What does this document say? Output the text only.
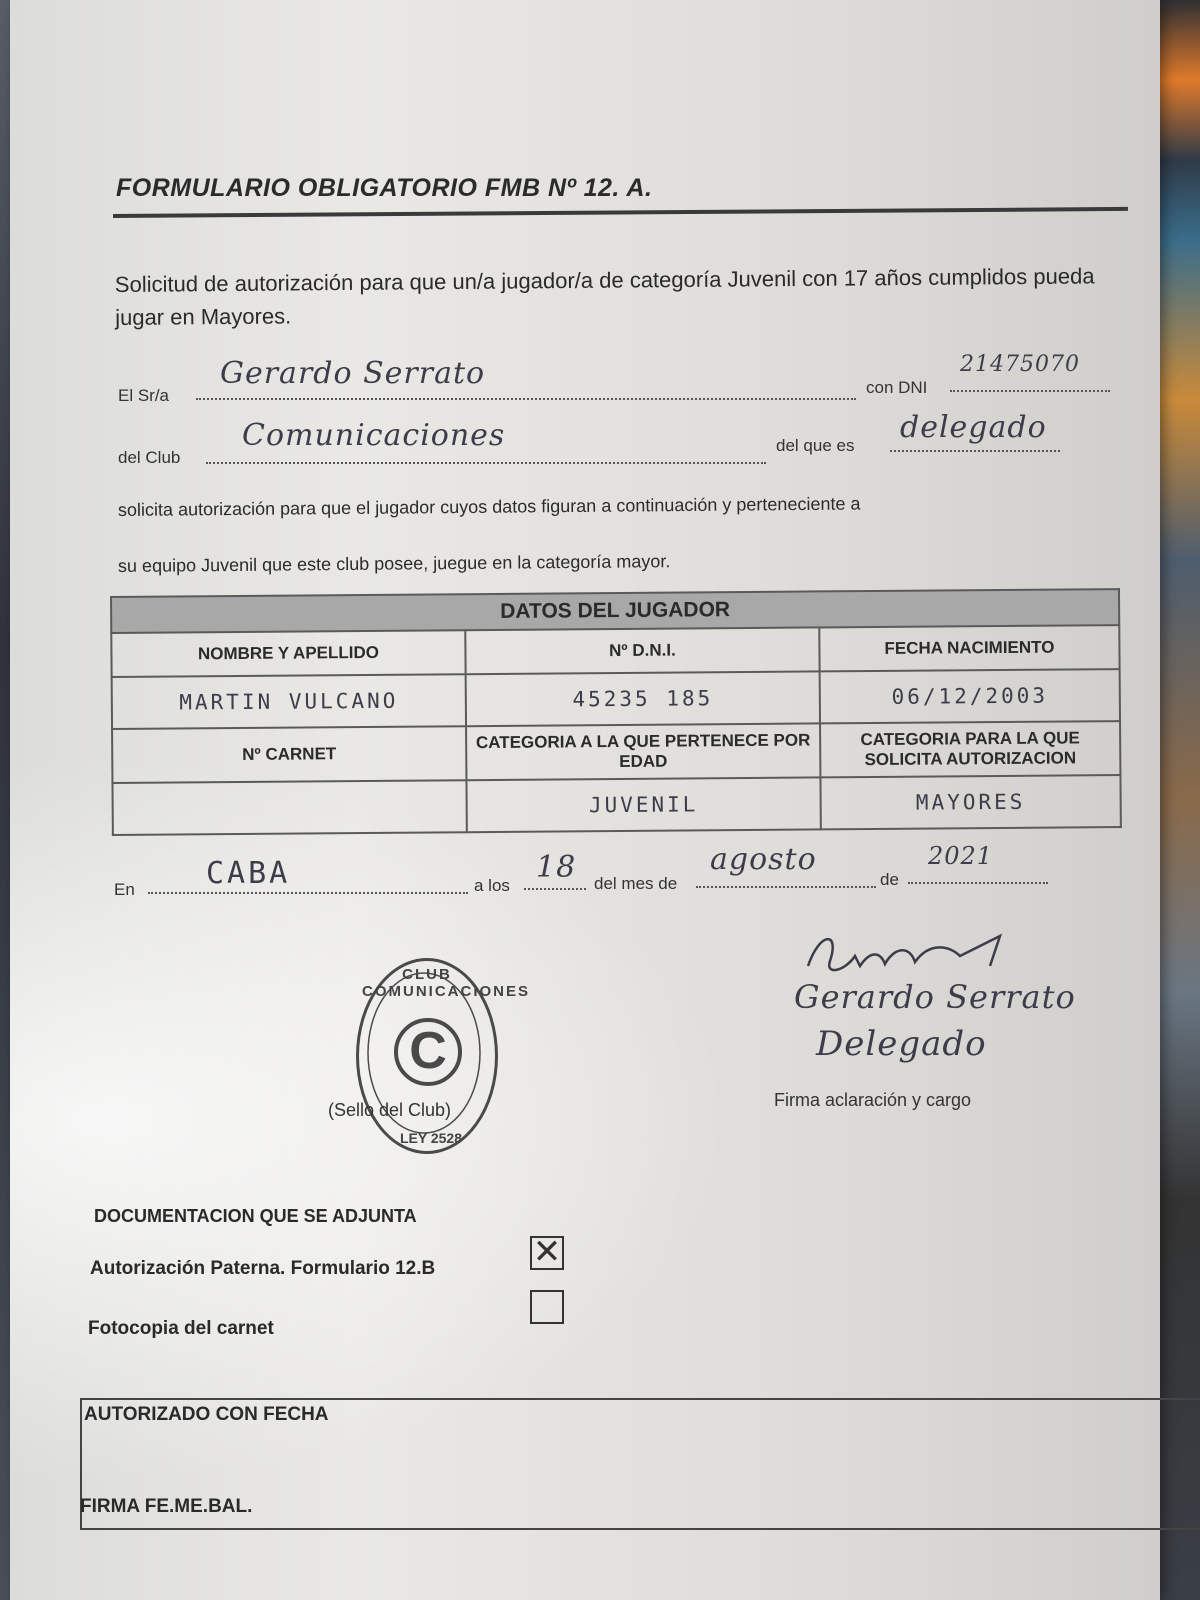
FORMULARIO OBLIGATORIO FMB Nº 12. A.
Solicitud de autorización para que un/a jugador/a de categoría Juvenil con 17 años cumplidos pueda jugar en Mayores.
El Sr/a
Gerardo Serrato	con DNI
21475070
del Club
Comunicaciones	del que es
delegado
solicita autorización para que el jugador cuyos datos figuran a continuación y perteneciente a
su equipo Juvenil que este club posee, juegue en la categoría mayor.
DATOS DEL JUGADOR		
NOMBRE Y APELLIDO	Nº D.N.I.	FECHA NACIMIENTO
MARTIN VULCANO	45235 185	06/12/2003
Nº CARNET	CATEGORIA A LA QUE PERTENECE POR EDAD	CATEGORIA PARA LA QUE SOLICITA AUTORIZACION
	JUVENIL	MAYORES
En CABA	a los
18 del mes de
agosto
de
2021
CLUB COMUNICACIONES
C
LEY 2528
(Sello del Club)
Gerardo Serrato
Delegado
Firma aclaración y cargo
DOCUMENTACION QUE SE ADJUNTA
Autorización Paterna. Formulario 12.B	✕
Fotocopia del carnet
AUTORIZADO CON FECHA
FIRMA FE.ME.BAL.
